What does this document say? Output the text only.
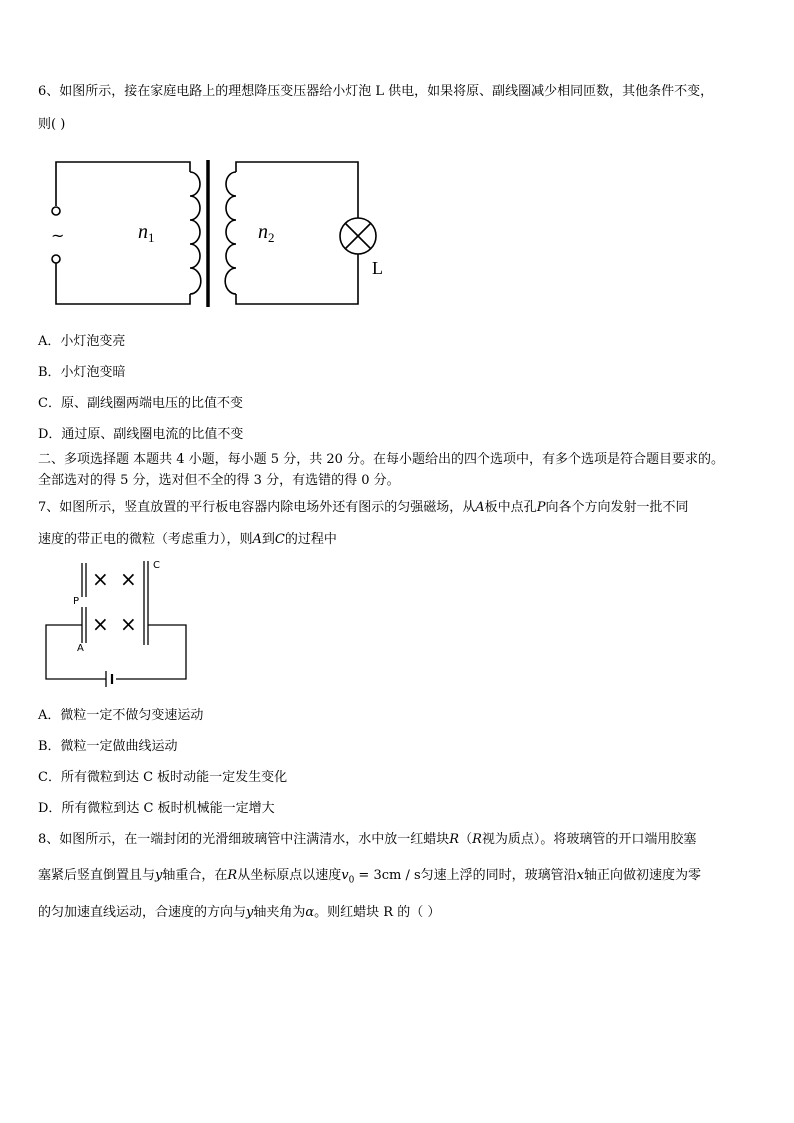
6、如图所示，接在家庭电路上的理想降压变压器给小灯泡 L 供电，如果将原、副线圈减少相同匝数，其他条件不变，
则( )
~	$n_1$	$n_2$
L
A．小灯泡变亮
B．小灯泡变暗
C．原、副线圈两端电压的比值不变
D．通过原、副线圈电流的比值不变
二、多项选择题 本题共 4 小题，每小题 5 分，共 20 分。在每小题给出的四个选项中，有多个选项是符合题目要求的。
全部选对的得 5 分，选对但不全的得 3 分，有选错的得 0 分。
7、如图所示，竖直放置的平行板电容器内除电场外还有图示的匀强磁场，从A板中点孔P向各个方向发射一批不同
速度的带正电的微粒（考虑重力），则A到C的过程中
× ×
× ×
C
P
A
A．微粒一定不做匀变速运动
B．微粒一定做曲线运动
C．所有微粒到达 C 板时动能一定发生变化
D．所有微粒到达 C 板时机械能一定增大
8、如图所示，在一端封闭的光滑细玻璃管中注满清水，水中放一红蜡块R（R视为质点）。将玻璃管的开口端用胶塞
塞紧后竖直倒置且与y轴重合，在R从坐标原点以速度$v_0 = 3cm / s$匀速上浮的同时，玻璃管沿x轴正向做初速度为零
的匀加速直线运动，合速度的方向与y轴夹角为α。则红蜡块 R 的（ ）
